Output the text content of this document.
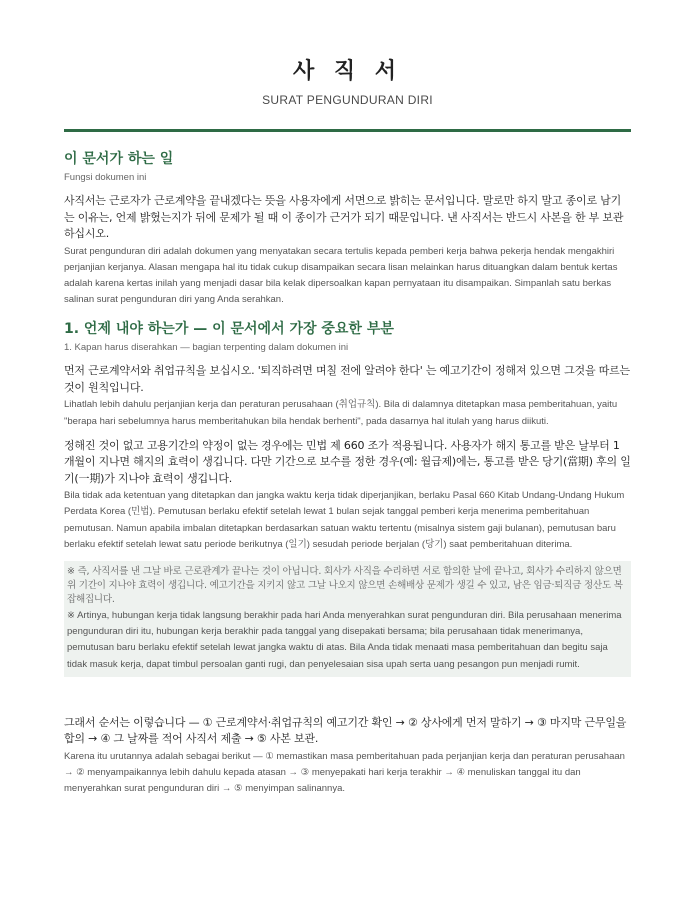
사 직 서
SURAT PENGUNDURAN DIRI
이 문서가 하는 일
Fungsi dokumen ini

사직서는 근로자가 근로계약을 끝내겠다는 뜻을 사용자에게 서면으로 밝히는 문서입니다. 말로만 하지 말고 종이로 남기는 이유는, 언제 밝혔는지가 뒤에 문제가 될 때 이 종이가 근거가 되기 때문입니다. 낸 사직서는 반드시 사본을 한 부 보관하십시오.

Surat pengunduran diri adalah dokumen yang menyatakan secara tertulis kepada pemberi kerja bahwa pekerja hendak mengakhiri perjanjian kerjanya. Alasan mengapa hal itu tidak cukup disampaikan secara lisan melainkan harus dituangkan dalam bentuk kertas adalah karena kertas inilah yang menjadi dasar bila kelak dipersoalkan kapan pernyataan itu disampaikan. Simpanlah satu berkas salinan surat pengunduran diri yang Anda serahkan.

1. 언제 내야 하는가 — 이 문서에서 가장 중요한 부분
1. Kapan harus diserahkan — bagian terpenting dalam dokumen ini

먼저 근로계약서와 취업규칙을 보십시오. '퇴직하려면 며칠 전에 알려야 한다' 는 예고기간이 정해져 있으면 그것을 따르는 것이 원칙입니다.

Lihatlah lebih dahulu perjanjian kerja dan peraturan perusahaan (취업규칙). Bila di dalamnya ditetapkan masa pemberitahuan, yaitu "berapa hari sebelumnya harus memberitahukan bila hendak berhenti", pada dasarnya hal itulah yang harus diikuti.

정해진 것이 없고 고용기간의 약정이 없는 경우에는 민법 제 660 조가 적용됩니다. 사용자가 해지 통고를 받은 날부터 1 개월이 지나면 해지의 효력이 생깁니다. 다만 기간으로 보수를 정한 경우(예: 월급제)에는, 통고를 받은 당기(當期) 후의 일기(一期)가 지나야 효력이 생깁니다.

Bila tidak ada ketentuan yang ditetapkan dan jangka waktu kerja tidak diperjanjikan, berlaku Pasal 660 Kitab Undang-Undang Hukum Perdata Korea (민법). Pemutusan berlaku efektif setelah lewat 1 bulan sejak tanggal pemberi kerja menerima pemberitahuan pemutusan. Namun apabila imbalan ditetapkan berdasarkan satuan waktu tertentu (misalnya sistem gaji bulanan), pemutusan baru berlaku efektif setelah lewat satu periode berikutnya (일기) sesudah periode berjalan (당기) saat pemberitahuan diterima.

※ 즉, 사직서를 낸 그날 바로 근로관계가 끝나는 것이 아닙니다. 회사가 사직을 수리하면 서로 합의한 날에 끝나고, 회사가 수리하지 않으면 위 기간이 지나야 효력이 생깁니다. 예고기간을 지키지 않고 그날 나오지 않으면 손해배상 문제가 생길 수 있고, 남은 임금·퇴직금 정산도 복잡해집니다.

※ Artinya, hubungan kerja tidak langsung berakhir pada hari Anda menyerahkan surat pengunduran diri. Bila perusahaan menerima pengunduran diri itu, hubungan kerja berakhir pada tanggal yang disepakati bersama; bila perusahaan tidak menerimanya, pemutusan baru berlaku efektif setelah lewat jangka waktu di atas. Bila Anda tidak menaati masa pemberitahuan dan begitu saja tidak masuk kerja, dapat timbul persoalan ganti rugi, dan penyelesaian sisa upah serta uang pesangon pun menjadi rumit.

그래서 순서는 이렇습니다 — ① 근로계약서·취업규칙의 예고기간 확인 → ② 상사에게 먼저 말하기 → ③ 마지막 근무일을 합의 → ④ 그 날짜를 적어 사직서 제출 → ⑤ 사본 보관.

Karena itu urutannya adalah sebagai berikut — ① memastikan masa pemberitahuan pada perjanjian kerja dan peraturan perusahaan → ② menyampaikannya lebih dahulu kepada atasan → ③ menyepakati hari kerja terakhir → ④ menuliskan tanggal itu dan menyerahkan surat pengunduran diri → ⑤ menyimpan salinannya.
